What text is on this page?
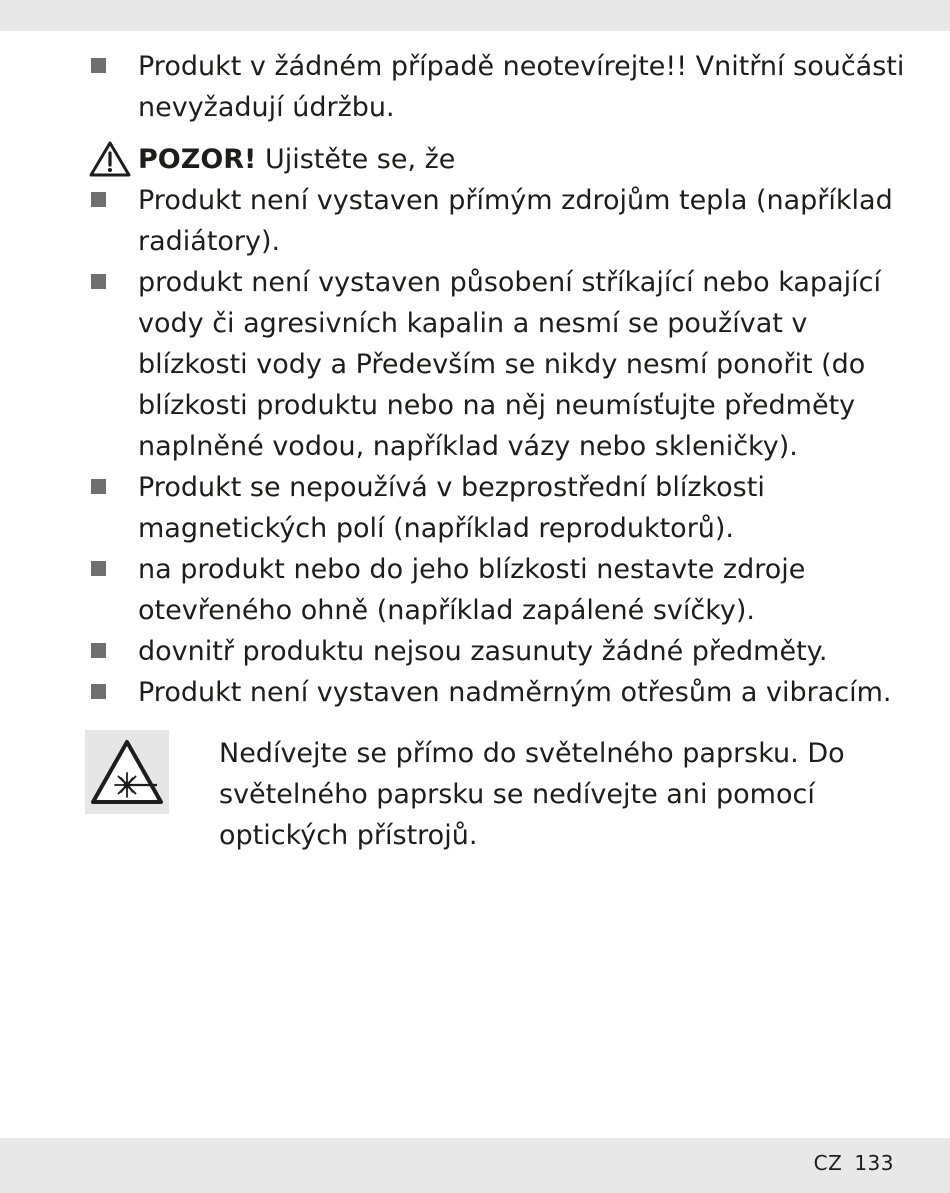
Produkt v žádném případě neotevírejte!! Vnitřní součásti nevyžadují údržbu.
POZOR! Ujistěte se, že
Produkt není vystaven přímým zdrojům tepla (například radiátory).
produkt není vystaven působení stříkající nebo kapající vody či agresivních kapalin a nesmí se používat v blízkosti vody a Především se nikdy nesmí ponořit (do blízkosti produktu nebo na něj neumísťujte předměty naplněné vodou, například vázy nebo skleničky).
Produkt se nepoužívá v bezprostřední blízkosti magnetických polí (například reproduktorů).
na produkt nebo do jeho blízkosti nestavte zdroje otevřeného ohně (například zapálené svíčky).
dovnitř produktu nejsou zasunuty žádné předměty.
Produkt není vystaven nadměrným otřesům a vibracím.
Nedívejte se přímo do světelného paprsku. Do světelného paprsku se nedívejte ani pomocí optických přístrojů.
CZ 133
